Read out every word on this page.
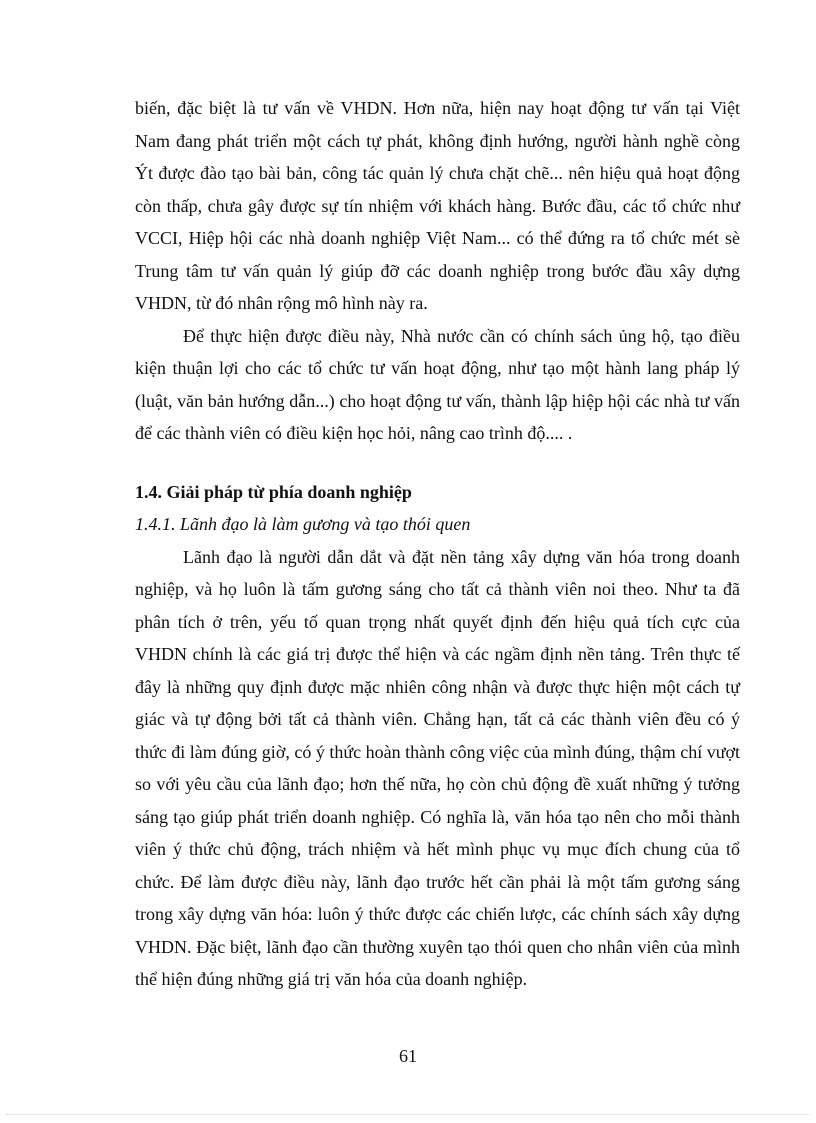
biến, đặc biệt là tư vấn về VHDN. Hơn nữa, hiện nay hoạt động tư vấn tại Việt Nam đang phát triển một cách tự phát, không định hướng, người hành nghề còng Ýt được đào tạo bài bản, công tác quản lý chưa chặt chẽ... nên hiệu quả hoạt động còn thấp, chưa gây được sự tín nhiệm với khách hàng. Bước đầu, các tổ chức như VCCI, Hiệp hội các nhà doanh nghiệp Việt Nam... có thể đứng ra tổ chức mét sè Trung tâm tư vấn quản lý giúp đỡ các doanh nghiệp trong bước đầu xây dựng VHDN, từ đó nhân rộng mô hình này ra.

Để thực hiện được điều này, Nhà nước cần có chính sách ủng hộ, tạo điều kiện thuận lợi cho các tổ chức tư vấn hoạt động, như tạo một hành lang pháp lý (luật, văn bản hướng dẫn...) cho hoạt động tư vấn, thành lập hiệp hội các nhà tư vấn để các thành viên có điều kiện học hỏi, nâng cao trình độ.... .

1.4. Giải pháp từ phía doanh nghiệp
1.4.1. Lãnh đạo là làm gương và tạo thói quen

Lãnh đạo là người dẫn dắt và đặt nền tảng xây dựng văn hóa trong doanh nghiệp, và họ luôn là tấm gương sáng cho tất cả thành viên noi theo. Như ta đã phân tích ở trên, yếu tố quan trọng nhất quyết định đến hiệu quả tích cực của VHDN chính là các giá trị được thể hiện và các ngầm định nền tảng. Trên thực tế đây là những quy định được mặc nhiên công nhận và được thực hiện một cách tự giác và tự động bởi tất cả thành viên. Chẳng hạn, tất cả các thành viên đều có ý thức đi làm đúng giờ, có ý thức hoàn thành công việc của mình đúng, thậm chí vượt so với yêu cầu của lãnh đạo; hơn thế nữa, họ còn chủ động đề xuất những ý tưởng sáng tạo giúp phát triển doanh nghiệp. Có nghĩa là, văn hóa tạo nên cho mỗi thành viên ý thức chủ động, trách nhiệm và hết mình phục vụ mục đích chung của tổ chức. Để làm được điều này, lãnh đạo trước hết cần phải là một tấm gương sáng trong xây dựng văn hóa: luôn ý thức được các chiến lược, các chính sách xây dựng VHDN. Đặc biệt, lãnh đạo cần thường xuyên tạo thói quen cho nhân viên của mình thể hiện đúng những giá trị văn hóa của doanh nghiệp.

61
